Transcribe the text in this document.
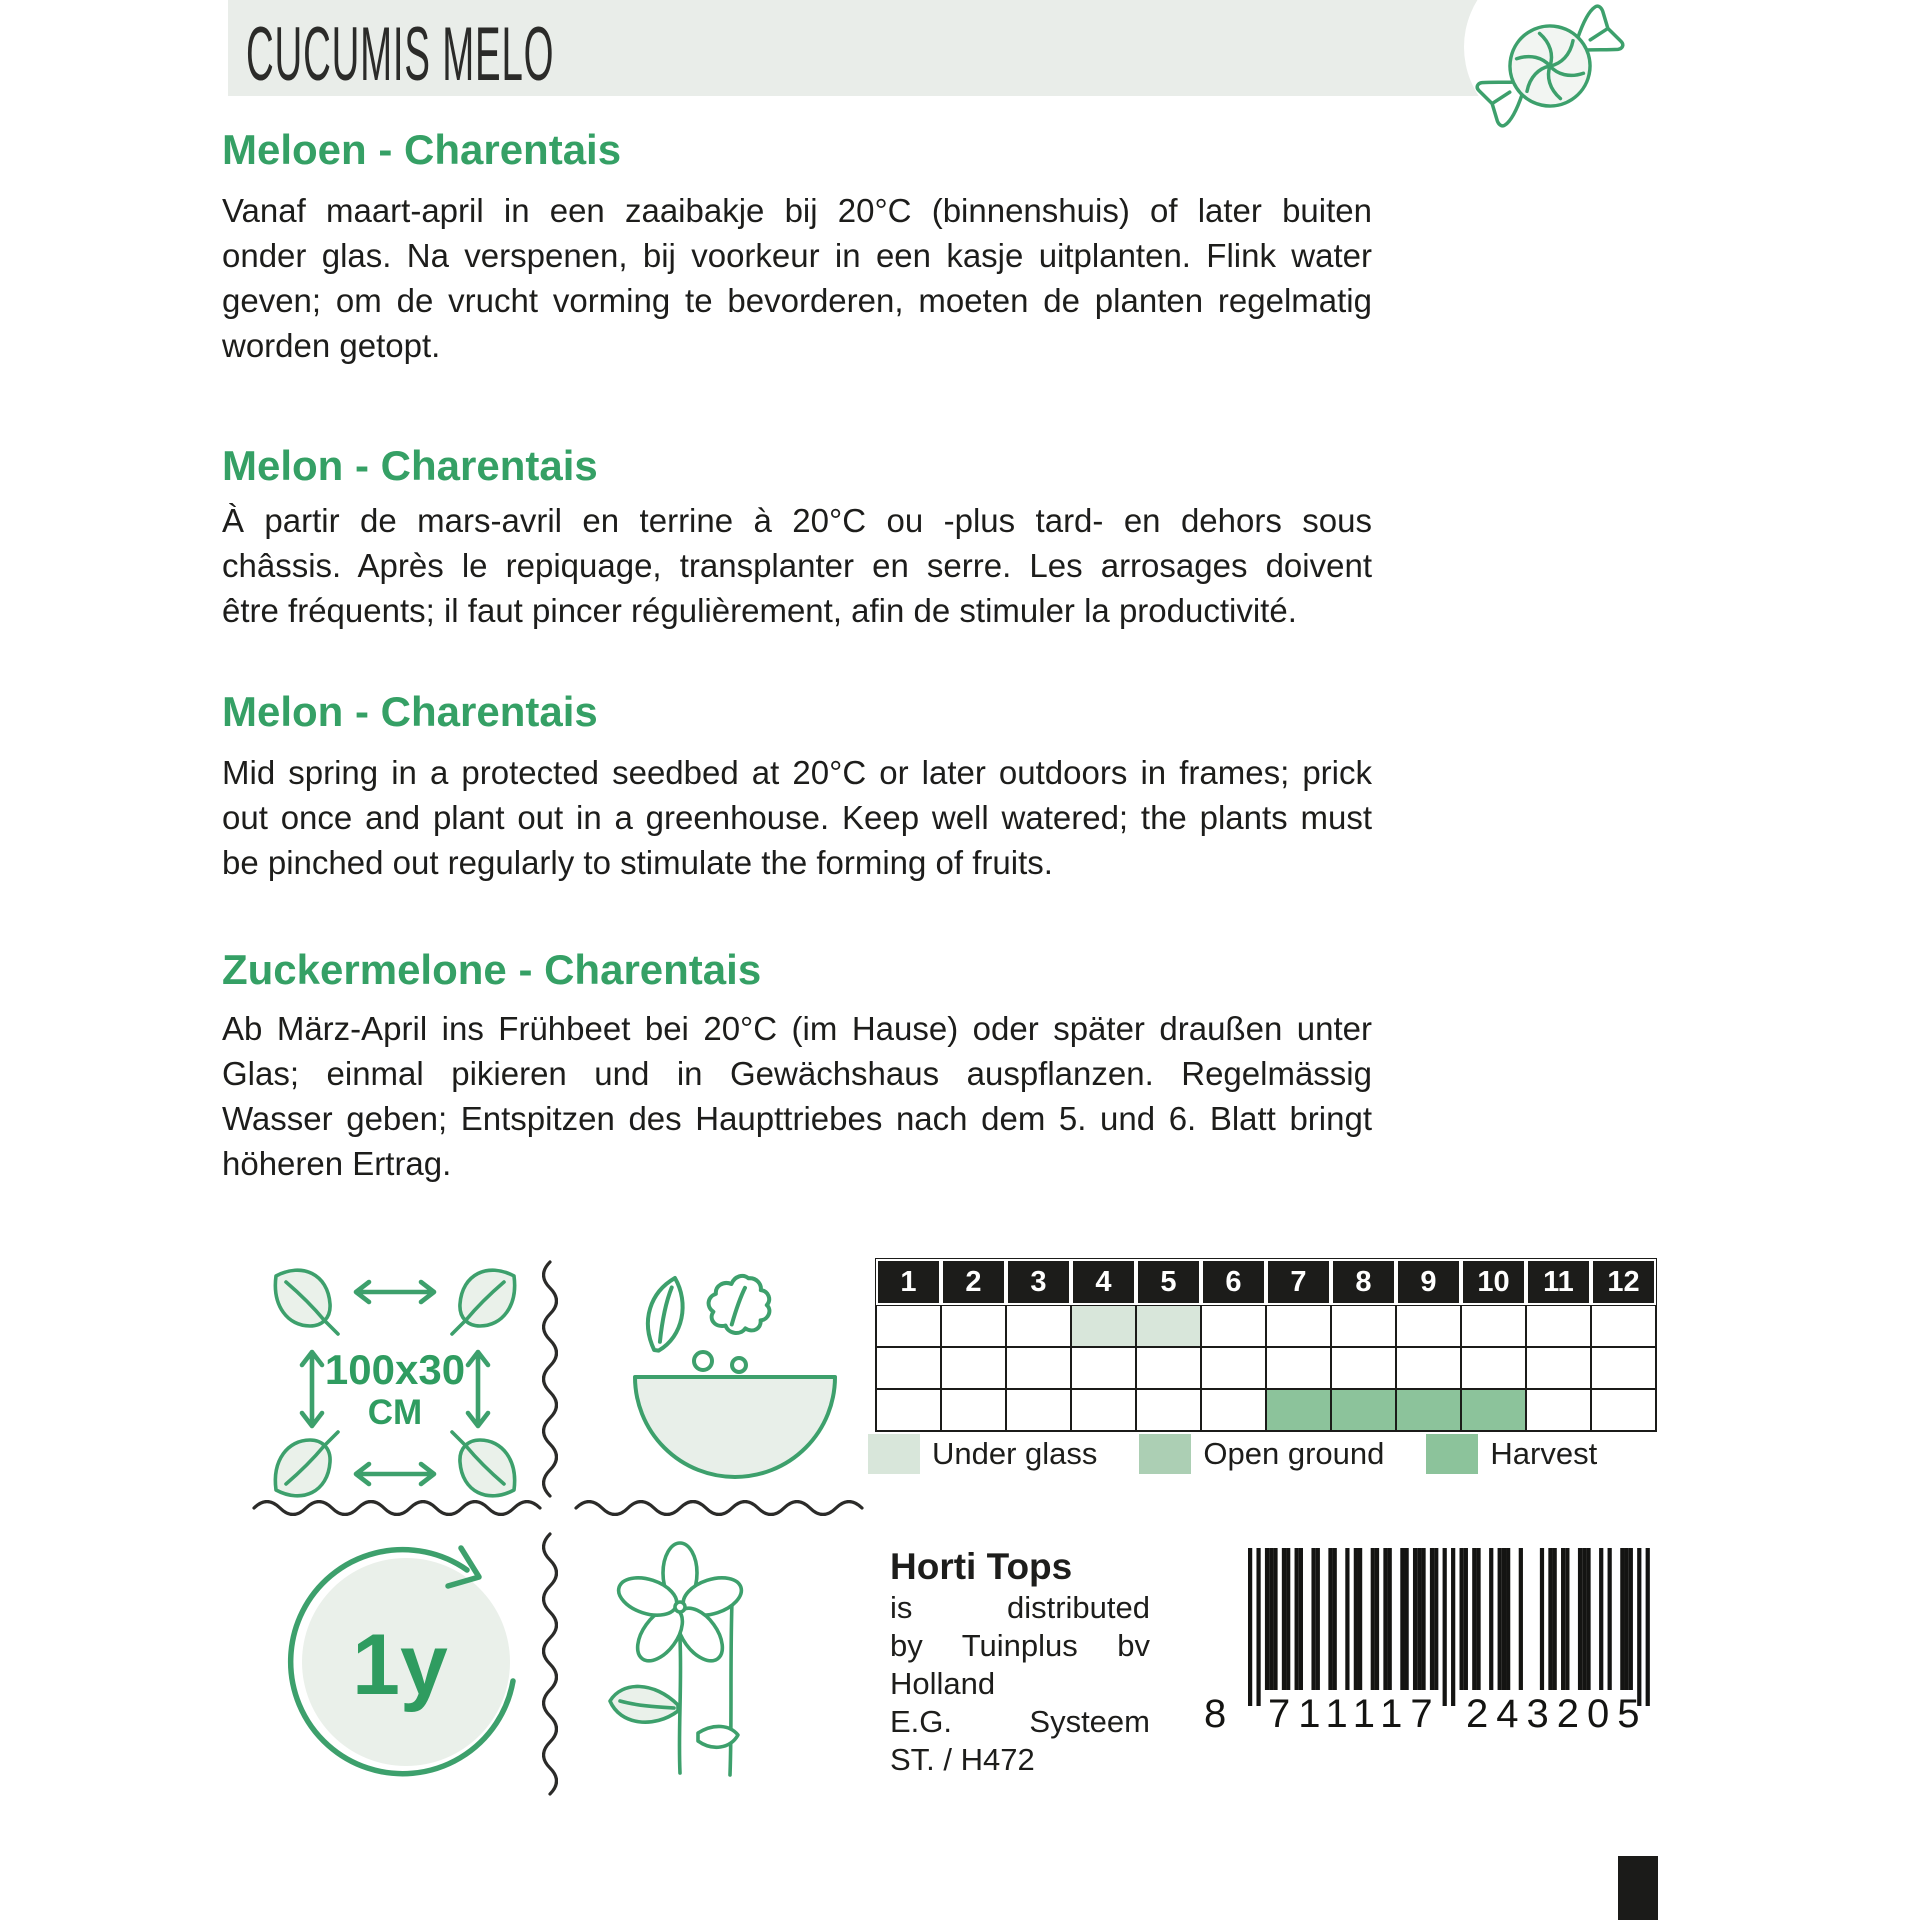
CUCUMIS MELO
Meloen - Charentais
Vanaf maart-april in een zaaibakje bij 20°C (binnenshuis) of later buiten
onder glas. Na verspenen, bij voorkeur in een kasje uitplanten. Flink water
geven; om de vrucht vorming te bevorderen, moeten de planten regelmatig
worden getopt.
Melon - Charentais
À partir de mars-avril en terrine à 20°C ou -plus tard- en dehors sous
châssis. Après le repiquage, transplanter en serre. Les arrosages doivent
être fréquents; il faut pincer régulièrement, afin de stimuler la productivité.
Melon - Charentais
Mid spring in a protected seedbed at 20°C or later outdoors in frames; prick
out once and plant out in a greenhouse. Keep well watered; the plants must
be pinched out regularly to stimulate the forming of fruits.
Zuckermelone - Charentais
Ab März-April ins Frühbeet bei 20°C (im Hause) oder später draußen unter
Glas; einmal pikieren und in Gewächshaus auspflanzen. Regelmässig
Wasser geben; Entspitzen des Haupttriebes nach dem 5. und 6. Blatt bringt
höheren Ertrag.
100x30
CM
1	2	3	4	5	6	7	8	9	10	11	12
Under glass	Open ground	Harvest
1y
Horti Tops
is distributed
by Tuinplus bv
Holland
E.G. Systeem
ST. / H472
8 711117 243205
